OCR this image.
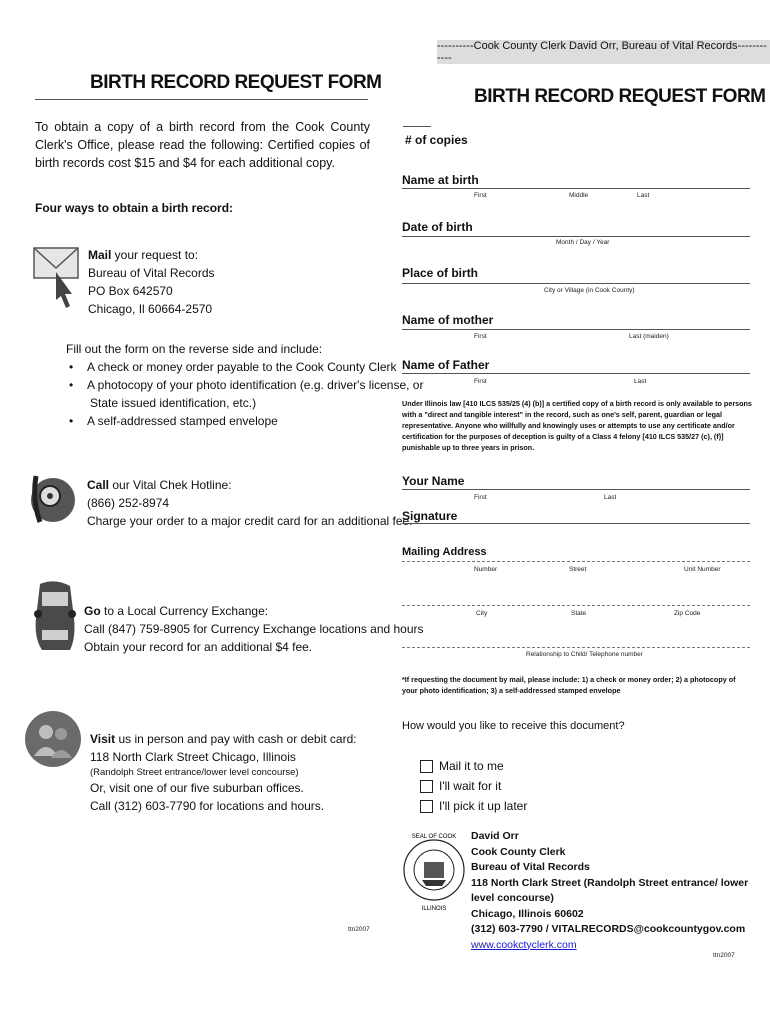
----------Cook County Clerk David Orr, Bureau of Vital Records------------
BIRTH RECORD REQUEST FORM
To obtain a copy of a birth record from the Cook County Clerk's Office, please read the following: Certified copies of birth records cost $15 and $4 for each additional copy.
Four ways to obtain a birth record:
Mail your request to:
Bureau of Vital Records
PO Box 642570
Chicago, Il 60664-2570
Fill out the form on the reverse side and include:
• A check or money order payable to the Cook County Clerk
• A photocopy of your photo identification (e.g. driver's license, or
State issued identification, etc.)
• A self-addressed stamped envelope
Call our Vital Chek Hotline:
(866) 252-8974
Charge your order to a major credit card for an additional fee.
Go to a Local Currency Exchange:
Call (847) 759-8905 for Currency Exchange locations and hours
Obtain your record for an additional $4 fee.
Visit us in person and pay with cash or debit card:
118 North Clark Street Chicago, Illinois
(Randolph Street entrance/lower level concourse)
Or, visit one of our five suburban offices.
Call (312) 603-7790 for locations and hours.
ttn2007
BIRTH RECORD REQUEST FORM
# of copies
Name at birth
First	Middle	Last
Date of birth
Month / Day / Year
Place of birth
City or Village (in Cook County)
Name of mother
First	Last (maiden)
Name of Father
First	Last
Under Illinois law [410 ILCS 535/25 (4) (b)] a certified copy of a birth record is only available to persons with a "direct and tangible interest" in the record, such as one's self, parent, guardian or legal representative. Anyone who willfully and knowingly uses or attempts to use any certificate and/or certification for the purposes of deception is guilty of a Class 4 felony [410 ILCS 535/27 (c), (f)] punishable up to three years in prison.
Your Name
First	Last
Signature
Mailing Address
Number	Street	Unit Number
City	State	Zip Code
Relationship to Child/ Telephone number
*If requesting the document by mail, please include: 1) a check or money order; 2) a photocopy of your photo identification; 3) a self-addressed stamped envelope
How would you like to receive this document?
Mail it to me
I'll wait for it
I'll pick it up later
SEAL OF COOK
ILLINOIS
David Orr
Cook County Clerk
Bureau of Vital Records
118 North Clark Street (Randolph Street entrance/ lower level concourse)
Chicago, Illinois 60602
(312) 603-7790 / VITALRECORDS@cookcountygov.com
www.cookctyclerk.com
ttn2007
